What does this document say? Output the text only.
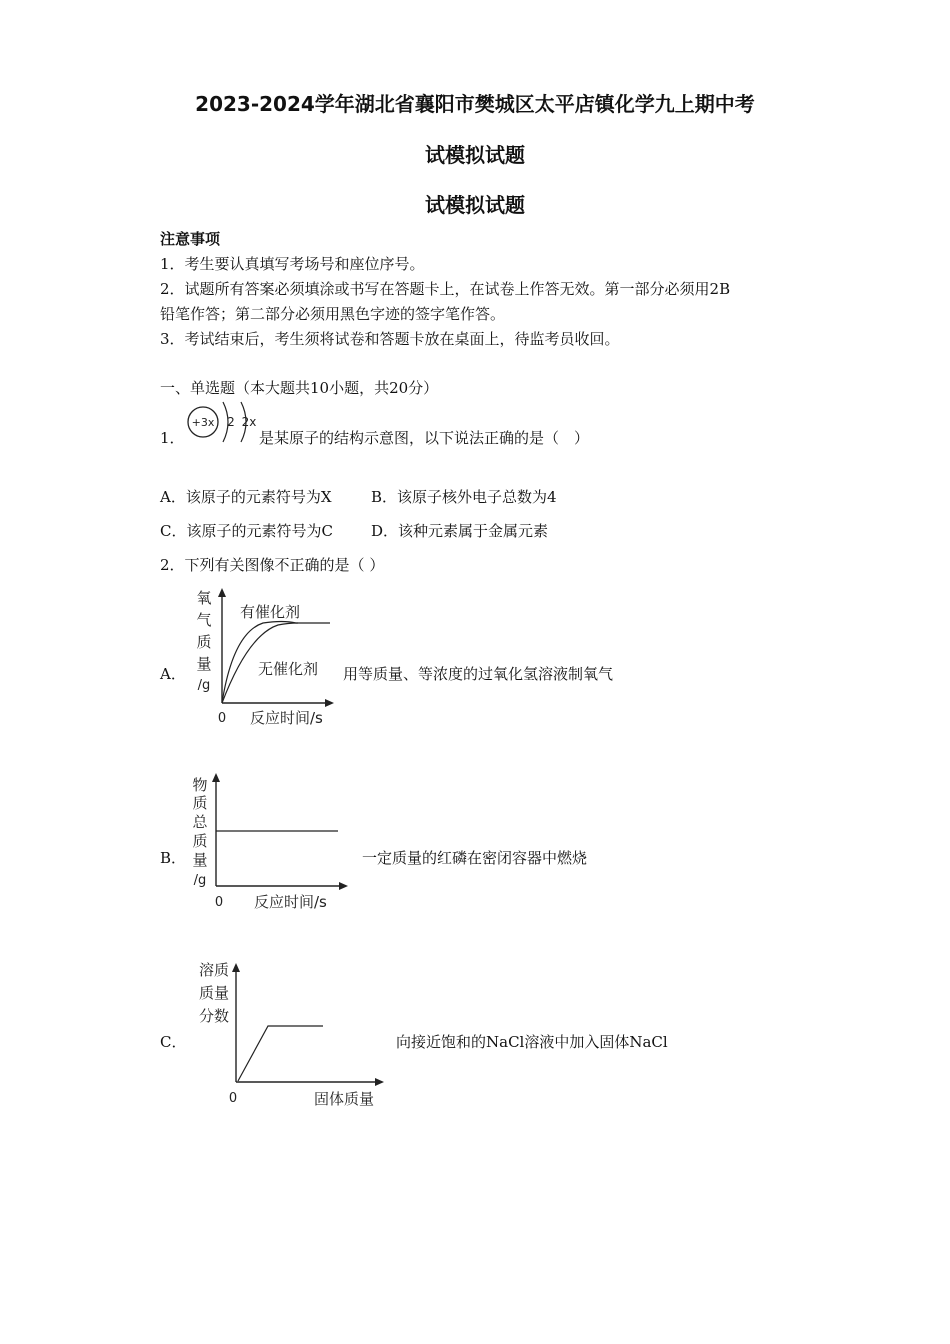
2023-2024学年湖北省襄阳市樊城区太平店镇化学九上期中考
试模拟试题
试模拟试题
注意事项
1．考生要认真填写考场号和座位序号。
2．试题所有答案必须填涂或书写在答题卡上，在试卷上作答无效。第一部分必须用2B
铅笔作答；第二部分必须用黑色字迹的签字笔作答。
3．考试结束后，考生须将试卷和答题卡放在桌面上，待监考员收回。
一、单选题（本大题共10小题，共20分）
1．
+3x 2 2x
是某原子的结构示意图，以下说法正确的是（　）
A．该原子的元素符号为X	B．该原子核外电子总数为4
C．该原子的元素符号为C	D．该种元素属于金属元素
2．下列有关图像不正确的是（ ）
A．
氧
气
质
量
/g
0 反应时间/s
有催化剂
无催化剂 用等质量、等浓度的过氧化氢溶液制氧气
B．
物
质
总
质
量
/g
0 反应时间/s
一定质量的红磷在密闭容器中燃烧
C．
溶质
质量
分数
0	固体质量
向接近饱和的NaCl溶液中加入固体NaCl
